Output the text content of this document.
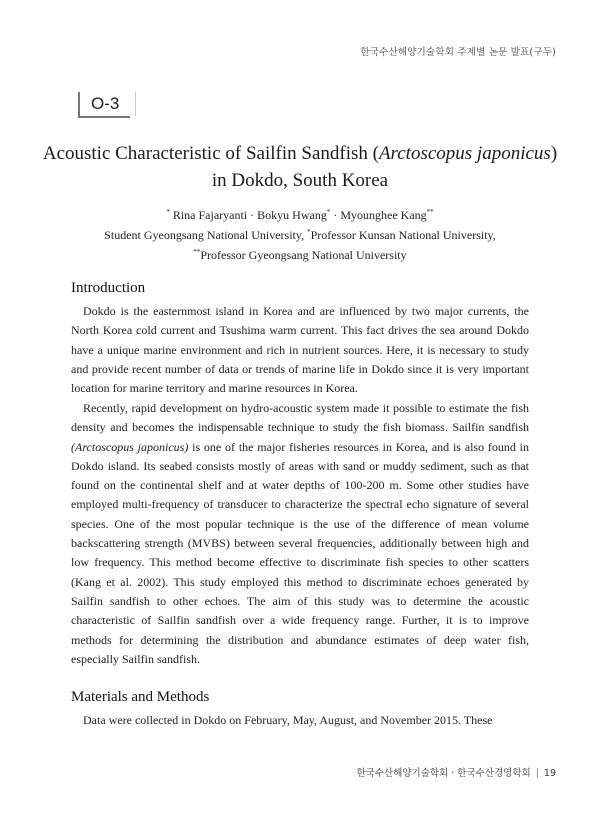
한국수산해양기술학회 주제별 논문 발표(구두)
O-3
Acoustic Characteristic of Sailfin Sandfish (Arctoscopus japonicus)
in Dokdo, South Korea
* Rina Fajaryanti · Bokyu Hwang* · Myounghee Kang**
Student Gyeongsang National University, *Professor Kunsan National University,
**Professor Gyeongsang National University
Introduction

Dokdo is the easternmost island in Korea and are influenced by two major currents, the North Korea cold current and Tsushima warm current. This fact drives the sea around Dokdo have a unique marine environment and rich in nutrient sources. Here, it is necessary to study and provide recent number of data or trends of marine life in Dokdo since it is very important location for marine territory and marine resources in Korea.

Recently, rapid development on hydro-acoustic system made it possible to estimate the fish density and becomes the indispensable technique to study the fish biomass. Sailfin sandfish (Arctoscopus japonicus) is one of the major fisheries resources in Korea, and is also found in Dokdo island. Its seabed consists mostly of areas with sand or muddy sediment, such as that found on the continental shelf and at water depths of 100-200 m. Some other studies have employed multi-frequency of transducer to characterize the spectral echo signature of several species. One of the most popular technique is the use of the difference of mean volume backscattering strength (MVBS) between several frequencies, additionally between high and low frequency. This method become effective to discriminate fish species to other scatters (Kang et al. 2002). This study employed this method to discriminate echoes generated by Sailfin sandfish to other echoes. The aim of this study was to determine the acoustic characteristic of Sailfin sandfish over a wide frequency range. Further, it is to improve methods for determining the distribution and abundance estimates of deep water fish, especially Sailfin sandfish.

Materials and Methods

Data were collected in Dokdo on February, May, August, and November 2015. These

한국수산해양기술학회 · 한국수산경영학회 | 19
